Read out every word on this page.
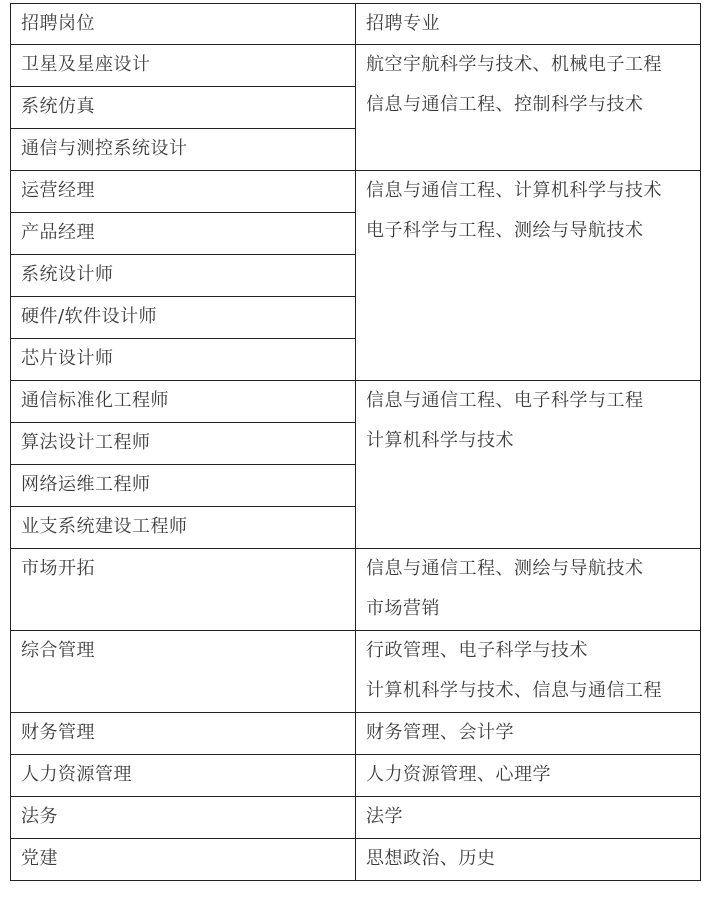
招聘岗位	招聘专业
卫星及星座设计	航空宇航科学与技术、机械电子工程
信息与通信工程、控制科学与技术

系统仿真	
通信与测控系统设计	
运营经理	信息与通信工程、计算机科学与技术
电子科学与工程、测绘与导航技术

产品经理	
系统设计师	
硬件/软件设计师	
芯片设计师	
通信标准化工程师	信息与通信工程、电子科学与工程
计算机科学与技术

算法设计工程师	
网络运维工程师	
业支系统建设工程师	
市场开拓	信息与通信工程、测绘与导航技术
市场营销

综合管理	行政管理、电子科学与技术
计算机科学与技术、信息与通信工程

财务管理	财务管理、会计学
人力资源管理	人力资源管理、心理学
法务	法学
党建	思想政治、历史
